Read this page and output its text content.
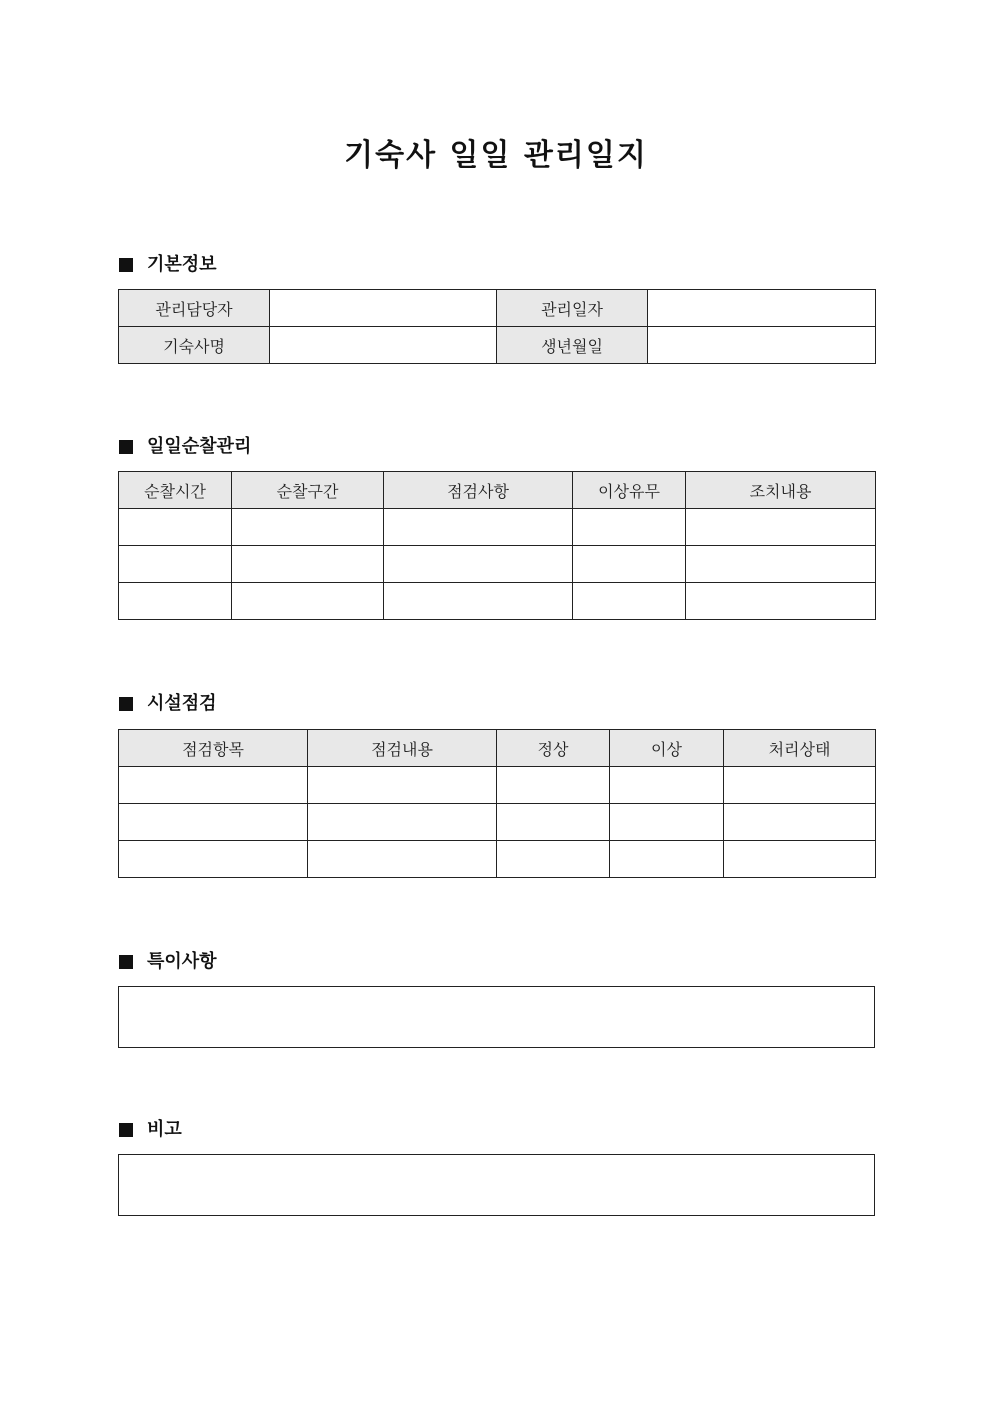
기숙사 일일 관리일지
기본정보
관리담당자		관리일자	
기숙사명		생년월일	
일일순찰관리
순찰시간	순찰구간	점검사항	이상유무	조치내용

시설점검
점검항목	점검내용	정상	이상	처리상태

특이사항
비고
